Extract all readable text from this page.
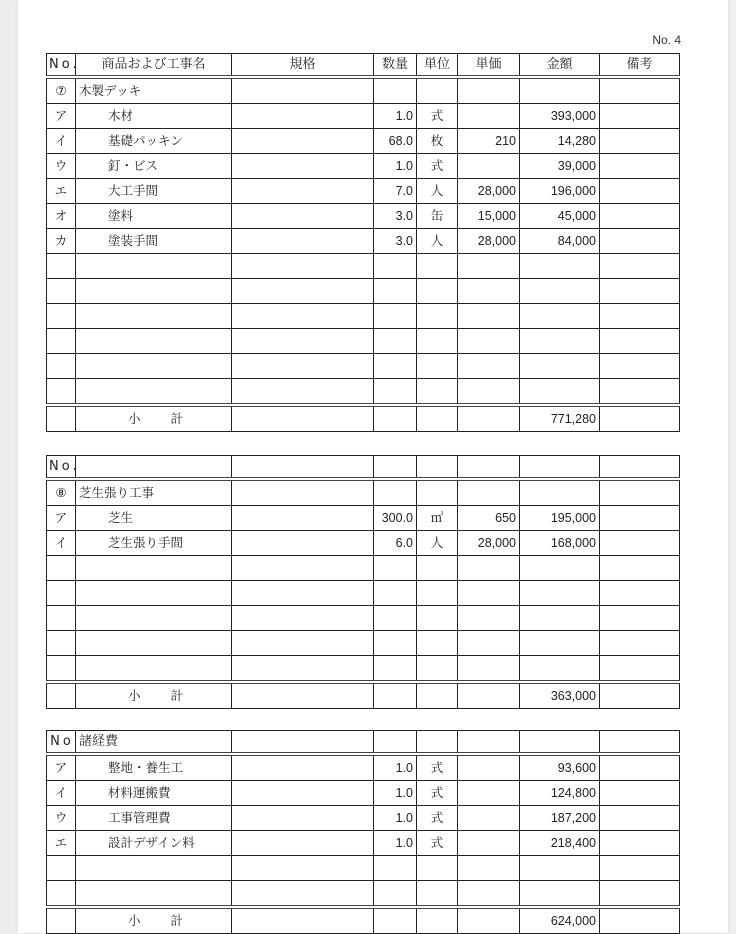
No. 4
No.	商品および工事名	規格	数量	単位	単価	金額	備考
⑦	木製デッキ						
ア	木材		1.0	式		393,000	
イ	基礎パッキン		68.0	枚	210	14,280	
ウ	釘・ビス		1.0	式		39,000	
エ	大工手間		7.0	人	28,000	196,000	
オ	塗料		3.0	缶	15,000	45,000	
カ	塗装手間		3.0	人	28,000	84,000	

	小 計					771,280	
No.							
⑧	芝生張り工事						
ア	芝生		300.0	㎡	650	195,000	
イ	芝生張り手間		6.0	人	28,000	168,000	

	小 計					363,000	
No	諸経費						
ア	整地・養生工		1.0	式		93,600	
イ	材料運搬費		1.0	式		124,800	
ウ	工事管理費		1.0	式		187,200	
エ	設計デザイン料		1.0	式		218,400	

	小 計					624,000	
